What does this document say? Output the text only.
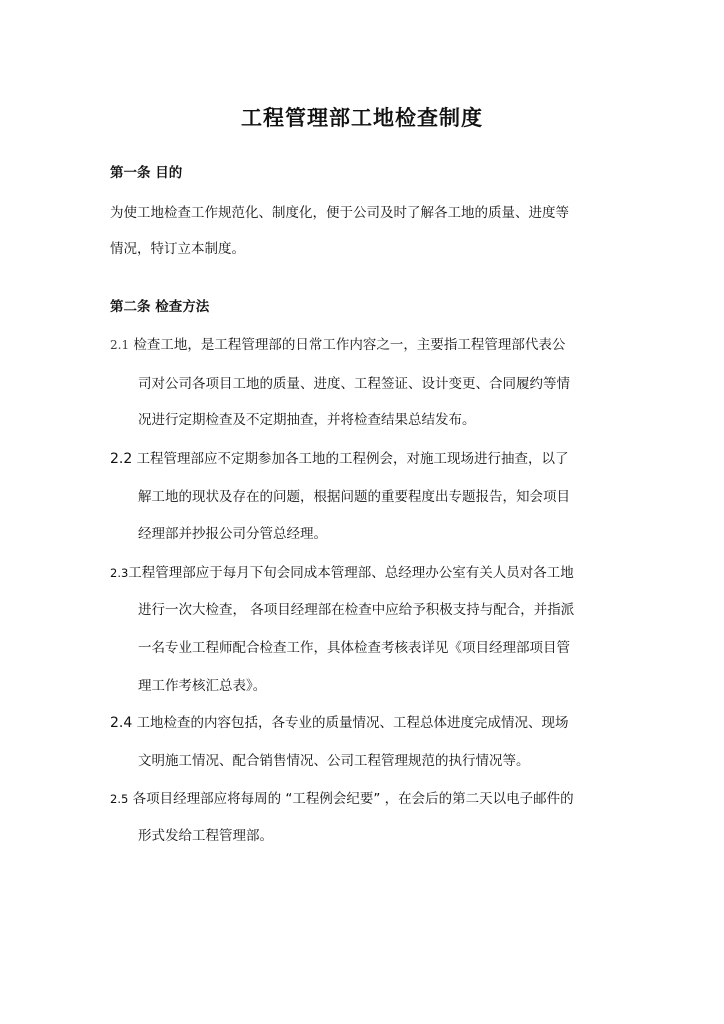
工程管理部工地检查制度
第一条 目的
为使工地检查工作规范化、制度化，便于公司及时了解各工地的质量、进度等
情况，特订立本制度。
第二条 检查方法
2.1 检查工地，是工程管理部的日常工作内容之一，主要指工程管理部代表公
司对公司各项目工地的质量、进度、工程签证、设计变更、合同履约等情
况进行定期检查及不定期抽查，并将检查结果总结发布。
2.2 工程管理部应不定期参加各工地的工程例会，对施工现场进行抽查，以了
解工地的现状及存在的问题，根据问题的重要程度出专题报告，知会项目
经理部并抄报公司分管总经理。
2.3工程管理部应于每月下旬会同成本管理部、总经理办公室有关人员对各工地
进行一次大检查， 各项目经理部在检查中应给予积极支持与配合，并指派
一名专业工程师配合检查工作，具体检查考核表详见《项目经理部项目管
理工作考核汇总表》。
2.4 工地检查的内容包括，各专业的质量情况、工程总体进度完成情况、现场
文明施工情况、配合销售情况、公司工程管理规范的执行情况等。
2.5 各项目经理部应将每周的 “工程例会纪要” ，在会后的第二天以电子邮件的
形式发给工程管理部。
